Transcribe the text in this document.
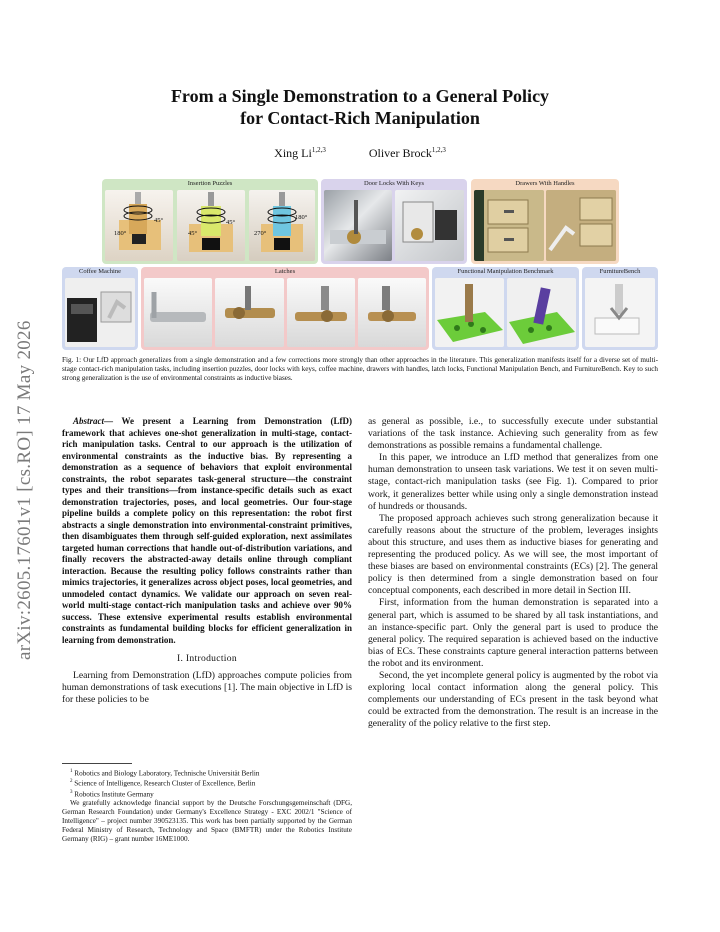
arXiv:2605.17601v1 [cs.RO] 17 May 2026
From a Single Demonstration to a General Policy
for Contact-Rich Manipulation
Xing Li$^{1,2,3}$	Oliver Brock$^{1,2,3}$
Insertion Puzzles
45°
180°
45°
45°
180°
270°
Door Locks With Keys	Drawers With Handles
Coffee Machine	Latches	Functional Manipulation Benchmark	FurnitureBench
Fig. 1: Our LfD approach generalizes from a single demonstration and a few corrections more strongly than other approaches in the literature. This generalization manifests itself for a diverse set of multi-stage contact-rich manipulation tasks, including insertion puzzles, door locks with keys, coffee machine, drawers with handles, latch locks, Functional Manipulation Bench, and FurnitureBench. Key to such strong generalization is the use of environmental constraints as inductive biases.

Abstract— We present a Learning from Demonstration (LfD) framework that achieves one-shot generalization in multi-stage, contact-rich manipulation tasks. Central to our approach is the utilization of environmental constraints as the inductive bias. By representing a demonstration as a sequence of behaviors that exploit environmental constraints, the robot separates task-general structure—the constraint types and their transitions—from instance-specific details such as exact demonstration trajectories, poses, and local geometries. Our four-stage pipeline builds a complete policy on this representation: the robot first abstracts a single demonstration into environmental-constraint primitives, then disambiguates them through self-guided exploration, next assimilates targeted human corrections that handle out-of-distribution variations, and finally recovers the abstracted-away details online through compliant interaction. Because the resulting policy follows constraints rather than mimics trajectories, it generalizes across object poses, local geometries, and unmodeled contact dynamics. We validate our approach on seven real-world multi-stage contact-rich manipulation tasks and achieve over 90% success. These extensive experimental results establish environmental constraints as fundamental building blocks for efficient generalization in learning from demonstration.

I. Introduction

Learning from Demonstration (LfD) approaches compute policies from human demonstrations of task executions [1]. The main objective in LfD is for these policies to be

$^1$ Robotics and Biology Laboratory, Technische Universität Berlin
$^2$ Science of Intelligence, Research Cluster of Excellence, Berlin
$^3$ Robotics Institute Germany
We gratefully acknowledge financial support by the Deutsche Forschungsgemeinschaft (DFG, German Research Foundation) under Germany's Excellence Strategy - EXC 2002/1 "Science of Intelligence" – project number 390523135. This work has been partially supported by the German Federal Ministry of Research, Technology and Space (BMFTR) under the Robotics Institute Germany (RIG) – grant number 16ME1000.

as general as possible, i.e., to successfully execute under substantial variations of the task instance. Achieving such generality from as few demonstrations as possible remains a fundamental challenge.

In this paper, we introduce an LfD method that generalizes from one human demonstration to unseen task variations. We test it on seven multi-stage, contact-rich manipulation tasks (see Fig. 1). Compared to prior work, it generalizes better while using only a single demonstration instead of hundreds or thousands.

The proposed approach achieves such strong generalization because it carefully reasons about the structure of the problem, leverages insights about this structure, and uses them as inductive biases for generating and representing the produced policy. As we will see, the most important of these biases are based on environmental constraints (ECs) [2]. The general policy is then determined from a single demonstration based on four conceptual components, each described in more detail in Section III.

First, information from the human demonstration is separated into a general part, which is assumed to be shared by all task instantiations, and an instance-specific part. Only the general part is used to produce the general policy. The required separation is achieved based on the inductive bias of ECs. These constraints capture general interaction patterns between the robot and its environment.

Second, the yet incomplete general policy is augmented by the robot via exploring local contact information along the general policy. This complements our understanding of ECs present in the task beyond what could be extracted from the demonstration. The result is an increase in the generality of the policy relative to the first step.
